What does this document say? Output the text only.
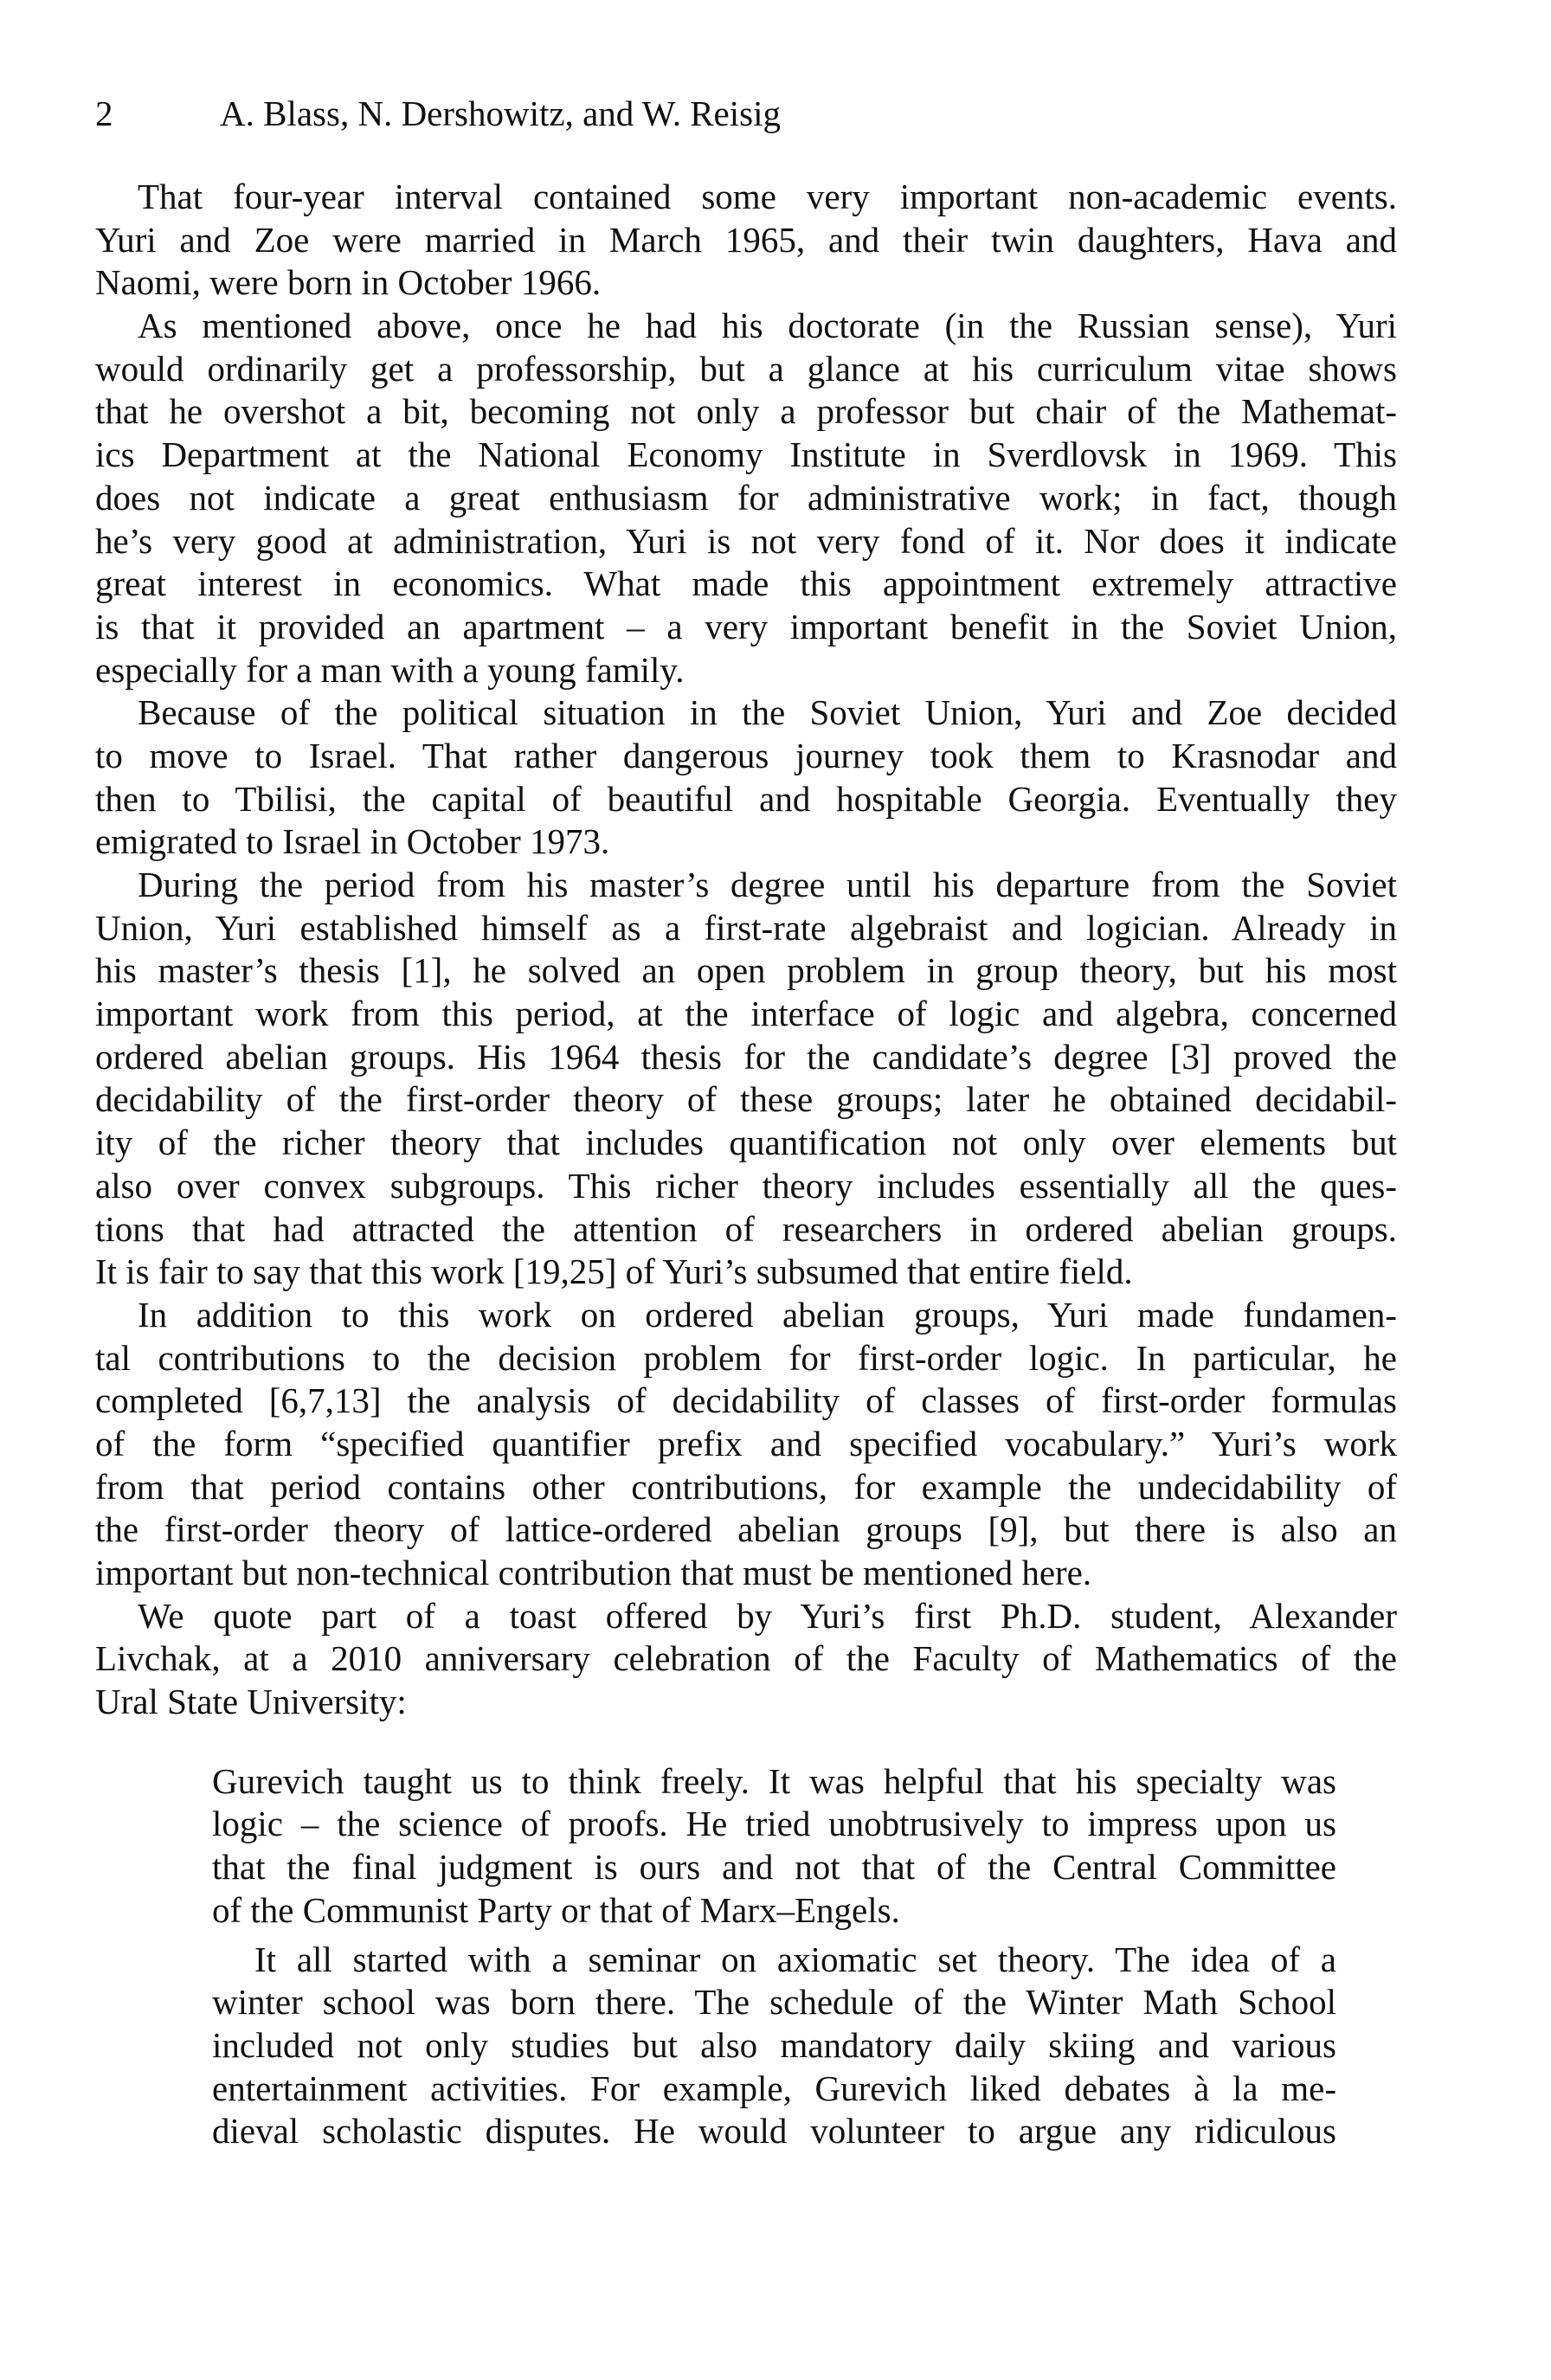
2	A. Blass, N. Dershowitz, and W. Reisig
That four-year interval contained some very important non-academic events.
Yuri and Zoe were married in March 1965, and their twin daughters, Hava and
Naomi, were born in October 1966.
As mentioned above, once he had his doctorate (in the Russian sense), Yuri
would ordinarily get a professorship, but a glance at his curriculum vitae shows
that he overshot a bit, becoming not only a professor but chair of the Mathemat-
ics Department at the National Economy Institute in Sverdlovsk in 1969. This
does not indicate a great enthusiasm for administrative work; in fact, though
he’s very good at administration, Yuri is not very fond of it. Nor does it indicate
great interest in economics. What made this appointment extremely attractive
is that it provided an apartment – a very important benefit in the Soviet Union,
especially for a man with a young family.
Because of the political situation in the Soviet Union, Yuri and Zoe decided
to move to Israel. That rather dangerous journey took them to Krasnodar and
then to Tbilisi, the capital of beautiful and hospitable Georgia. Eventually they
emigrated to Israel in October 1973.
During the period from his master’s degree until his departure from the Soviet
Union, Yuri established himself as a first-rate algebraist and logician. Already in
his master’s thesis [1], he solved an open problem in group theory, but his most
important work from this period, at the interface of logic and algebra, concerned
ordered abelian groups. His 1964 thesis for the candidate’s degree [3] proved the
decidability of the first-order theory of these groups; later he obtained decidabil-
ity of the richer theory that includes quantification not only over elements but
also over convex subgroups. This richer theory includes essentially all the ques-
tions that had attracted the attention of researchers in ordered abelian groups.
It is fair to say that this work [19,25] of Yuri’s subsumed that entire field.
In addition to this work on ordered abelian groups, Yuri made fundamen-
tal contributions to the decision problem for first-order logic. In particular, he
completed [6,7,13] the analysis of decidability of classes of first-order formulas
of the form “specified quantifier prefix and specified vocabulary.” Yuri’s work
from that period contains other contributions, for example the undecidability of
the first-order theory of lattice-ordered abelian groups [9], but there is also an
important but non-technical contribution that must be mentioned here.
We quote part of a toast offered by Yuri’s first Ph.D. student, Alexander
Livchak, at a 2010 anniversary celebration of the Faculty of Mathematics of the
Ural State University:
Gurevich taught us to think freely. It was helpful that his specialty was
logic – the science of proofs. He tried unobtrusively to impress upon us
that the final judgment is ours and not that of the Central Committee
of the Communist Party or that of Marx–Engels.
It all started with a seminar on axiomatic set theory. The idea of a
winter school was born there. The schedule of the Winter Math School
included not only studies but also mandatory daily skiing and various
entertainment activities. For example, Gurevich liked debates à la me-
dieval scholastic disputes. He would volunteer to argue any ridiculous
